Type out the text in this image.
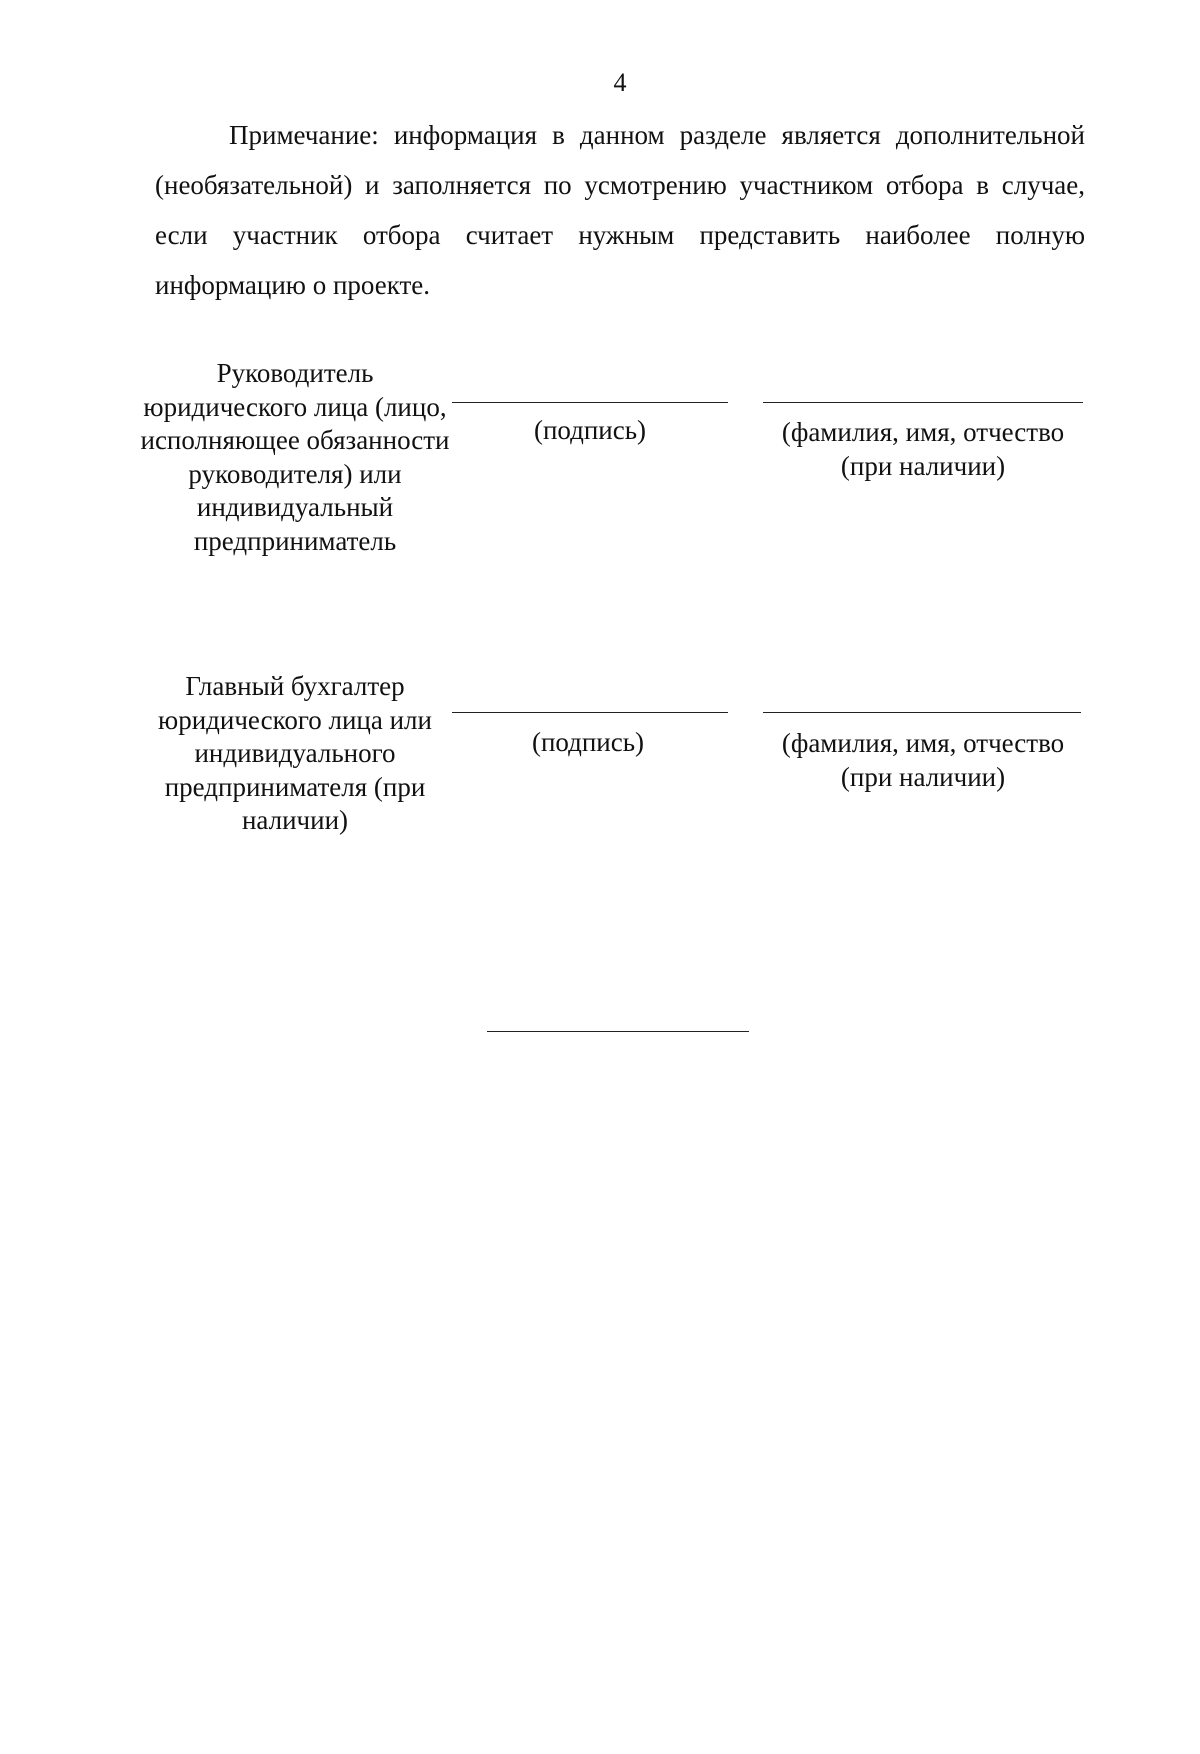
4

Примечание: информация в данном разделе является дополнительной (необязательной) и заполняется по усмотрению участником отбора в случае, если участник отбора считает нужным представить наиболее полную информацию о проекте.

Руководитель юридического лица (лицо, исполняющее обязанности руководителя) или индивидуальный предприниматель

(подпись)	(фамилия, имя, отчество (при наличии)

Главный бухгалтер юридического лица или индивидуального предпринимателя (при наличии)

(подпись)	(фамилия, имя, отчество (при наличии)
